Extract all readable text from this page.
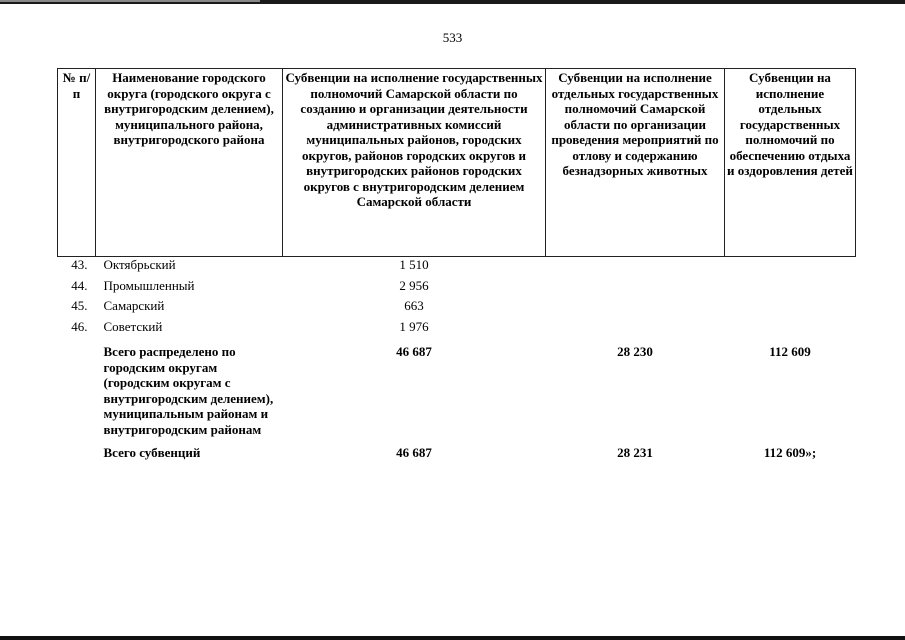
533
№ п/п	Наименование городского округа (городского округа с внутригородским делением), муниципального района, внутригородского района	Субвенции на исполнение государственных полномочий Самарской области по созданию и организации деятельности административных комиссий муниципальных районов, городских округов, районов городских округов и внутригородских районов городских округов с внутригородским делением Самарской области	Субвенции на исполнение отдельных государственных полномочий Самарской области по организации проведения мероприятий по отлову и содержанию безнадзорных животных	Субвенции на исполнение отдельных государственных полномочий по обеспечению отдыха и оздоровления детей
43.	Октябрьский	1 510		
44.	Промышленный	2 956		
45.	Самарский	663		
46.	Советский	1 976		
	Всего распределено по городским округам (городским округам с внутригородским делением), муниципальным районам и внутригородским районам	46 687	28 230	112 609
	Всего субвенций	46 687	28 231	112 609»;
